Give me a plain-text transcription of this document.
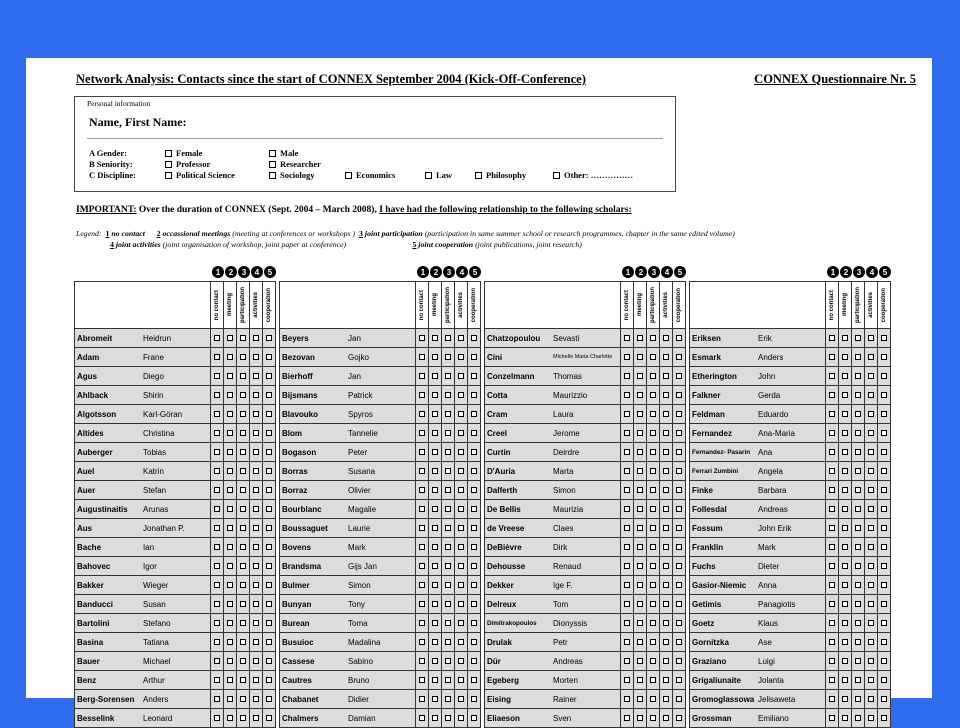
Network Analysis: Contacts since the start of CONNEX September 2004 (Kick-Off-Conference)	CONNEX Questionnaire Nr. 5
Personal information
Name, First Name:
A Gender:
B Seniority:
C Discipline:
Female	Male
Professor	Researcher
Political Science	Sociology	Economics	Law	Philosophy	Other: ……………
IMPORTANT: Over the duration of CONNEX (Sept. 2004 – March 2008), I have had the following relationship to the following scholars:
Legend: 1 no contact 2 occassional meetings (meeting at conferences or workshops ) 3 joint participation (participation in same summer school or research programmes, chapter in the same edited volume)
4 joint activities (joint organisation of workshop, joint paper at conference)	5 joint cooperation (joint publications, joint research)
1	2	3	4	5	1	2	3	4	5	1	2	3	4	5	1	2	3	4	5

	no contact	meeting	participation	activities	cooperation			no contact	meeting	participation	activities	cooperation			no contact	meeting	participation	activities	cooperation			no contact	meeting	participation	activities	cooperation

Abromeit Heidrun							Beyers Jan							Chatzopoulou Sevasti							Eriksen Erik					
Adam Frane							Bezovan Gojko							Cini Michelle Maria Charlotte							Esmark Anders					
Agus Diego							Bierhoff Jan							Conzelmann Thomas							Etherington John					
Ahlback Shirin							Bijsmans Patrick							Cotta Maurizzio							Falkner Gerda					
Algotsson Karl-Göran							Blavouko Spyros							Cram Laura							Feldman Eduardo					
Altides Christina							Blom Tannelie							Creel Jerome							Fernandez Ana-Maria					
Auberger Tobias							Bogason Peter							Curtin Deirdre							Fernandez- Pasarin Ana					
Auel Katrin							Borras Susana							D'Auria Marta							Ferrari Zumbini Angela					
Auer Stefan							Borraz Olivier							Dalferth Simon							Finke Barbara					
Augustinaitis Arunas							Bourblanc Magalie							De Bellis Maurizia							Follesdal Andreas					
Aus Jonathan P.							Boussaguet Laurie							de Vreese Claes							Fossum John Erik					
Bache Ian							Bovens Mark							DeBièvre Dirk							Franklin Mark					
Bahovec Igor							Brandsma Gijs Jan							Dehousse Renaud							Fuchs Dieter					
Bakker Wieger							Bulmer Simon							Dekker Ige F.							Gasior-Niemic Anna					
Banducci Susan							Bunyan Tony							Delreux Tom							Getimis Panagiotis					
Bartolini Stefano							Burean Toma							Dimitrakopoulos Dionyssis							Goetz Klaus					
Basina Tatiana							Busuioc Madalina							Drulak Petr							Gornitzka Ase					
Bauer Michael							Cassese Sabino							Dür Andreas							Graziano Luigi					
Benz Arthur							Cautres Bruno							Egeberg Morten							Grigaliunaite Jolanta					
Berg-Sorensen Anders							Chabanet Didier							Eising Rainer							Gromoglassowa Jelisaweta					
Besselink Leonard							Chalmers Damian							Eliaeson Sven							Grossman Emiliano					
